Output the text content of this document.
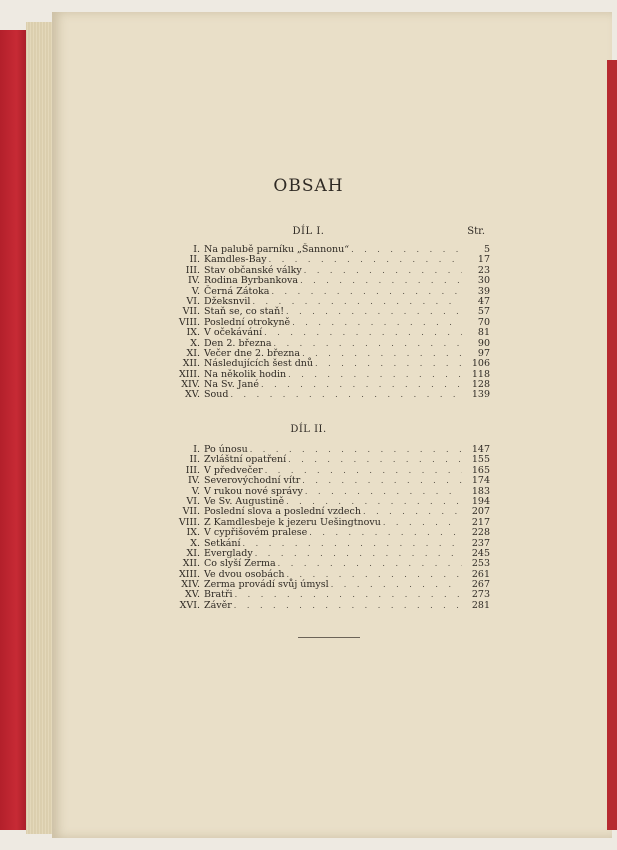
OBSAH
DÍL I.	Str.
I. Na palubě parníku „Šannonu“ . . .	5
II. Kamdles-Bay . . .	17
III. Stav občanské války . . .	23
IV. Rodina Byrbankova . . .	30
V. Černá Zátoka . . .	39
VI. Džeksnvil . . .	47
VII. Staň se, co staň! . . .	57
VIII. Poslední otrokyně . . .	70
IX. V očekávání . . .	81
X. Den 2. března . . .	90
XI. Večer dne 2. března . . .	97
XII. Následujících šest dnů . . .	106
XIII. Na několik hodin . . .	118
XIV. Na Sv. Jané . . .	128
XV. Soud . . .	139
DÍL II.
I. Po únosu . . .	147
II. Zvláštní opatření . . .	155
III. V předvečer . . .	165
IV. Severovýchodní vítr . . .	174
V. V rukou nové správy . . .	183
VI. Ve Sv. Augustině . . .	194
VII. Poslední slova a poslední vzdech . . .	207
VIII. Z Kamdlesbeje k jezeru Uešingtnovu . . .	217
IX. V cypřišovém pralese . . .	228
X. Setkání . . .	237
XI. Everglady . . .	245
XII. Co slyší Zerma . . .	253
XIII. Ve dvou osobách . . .	261
XIV. Zerma provádí svůj úmysl . . .	267
XV. Bratři . . .	273
XVI. Závěr . . .	281
